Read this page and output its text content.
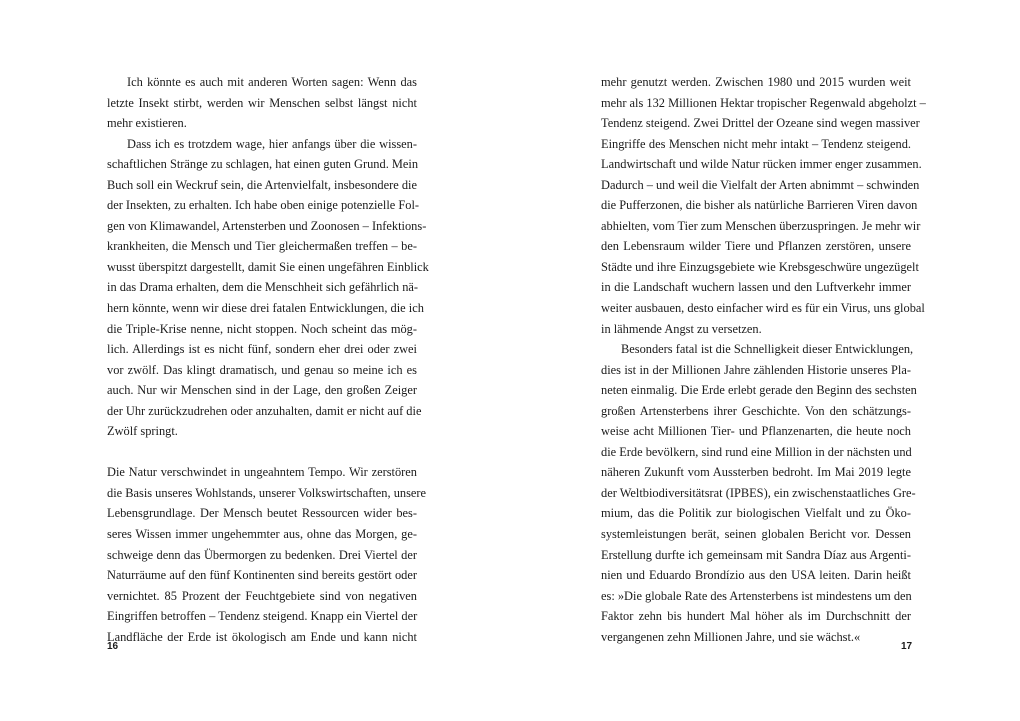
Ich könnte es auch mit anderen Worten sagen: Wenn das
letzte Insekt stirbt, werden wir Menschen selbst längst nicht
mehr existieren.
Dass ich es trotzdem wage, hier anfangs über die wissen-
schaftlichen Stränge zu schlagen, hat einen guten Grund. Mein
Buch soll ein Weckruf sein, die Artenvielfalt, insbesondere die
der Insekten, zu erhalten. Ich habe oben einige potenzielle Fol-
gen von Klimawandel, Artensterben und Zoonosen – Infektions-
krankheiten, die Mensch und Tier gleichermaßen treffen – be-
wusst überspitzt dargestellt, damit Sie einen ungefähren Einblick
in das Drama erhalten, dem die Menschheit sich gefährlich nä-
hern könnte, wenn wir diese drei fatalen Entwicklungen, die ich
die Triple-Krise nenne, nicht stoppen. Noch scheint das mög-
lich. Allerdings ist es nicht fünf, sondern eher drei oder zwei
vor zwölf. Das klingt dramatisch, und genau so meine ich es
auch. Nur wir Menschen sind in der Lage, den großen Zeiger
der Uhr zurückzudrehen oder anzuhalten, damit er nicht auf die
Zwölf springt.
Die Natur verschwindet in ungeahntem Tempo. Wir zerstören
die Basis unseres Wohlstands, unserer Volkswirtschaften, unsere
Lebensgrundlage. Der Mensch beutet Ressourcen wider bes-
seres Wissen immer ungehemmter aus, ohne das Morgen, ge-
schweige denn das Übermorgen zu bedenken. Drei Viertel der
Naturräume auf den fünf Kontinenten sind bereits gestört oder
vernichtet. 85 Prozent der Feuchtgebiete sind von negativen
Eingriffen betroffen – Tendenz steigend. Knapp ein Viertel der
Landfläche der Erde ist ökologisch am Ende und kann nicht
16
mehr genutzt werden. Zwischen 1980 und 2015 wurden weit
mehr als 132 Millionen Hektar tropischer Regenwald abgeholzt –
Tendenz steigend. Zwei Drittel der Ozeane sind wegen massiver
Eingriffe des Menschen nicht mehr intakt – Tendenz steigend.
Landwirtschaft und wilde Natur rücken immer enger zusammen.
Dadurch – und weil die Vielfalt der Arten abnimmt – schwinden
die Pufferzonen, die bisher als natürliche Barrieren Viren davon
abhielten, vom Tier zum Menschen überzuspringen. Je mehr wir
den Lebensraum wilder Tiere und Pflanzen zerstören, unsere
Städte und ihre Einzugsgebiete wie Krebsgeschwüre ungezügelt
in die Landschaft wuchern lassen und den Luftverkehr immer
weiter ausbauen, desto einfacher wird es für ein Virus, uns global
in lähmende Angst zu versetzen.
Besonders fatal ist die Schnelligkeit dieser Entwicklungen,
dies ist in der Millionen Jahre zählenden Historie unseres Pla-
neten einmalig. Die Erde erlebt gerade den Beginn des sechsten
großen Artensterbens ihrer Geschichte. Von den schätzungs-
weise acht Millionen Tier- und Pflanzenarten, die heute noch
die Erde bevölkern, sind rund eine Million in der nächsten und
näheren Zukunft vom Aussterben bedroht. Im Mai 2019 legte
der Weltbiodiversitätsrat (IPBES), ein zwischenstaatliches Gre-
mium, das die Politik zur biologischen Vielfalt und zu Öko-
systemleistungen berät, seinen globalen Bericht vor. Dessen
Erstellung durfte ich gemeinsam mit Sandra Díaz aus Argenti-
nien und Eduardo Brondízio aus den USA leiten. Darin heißt
es: »Die globale Rate des Artensterbens ist mindestens um den
Faktor zehn bis hundert Mal höher als im Durchschnitt der
vergangenen zehn Millionen Jahre, und sie wächst.«
17
